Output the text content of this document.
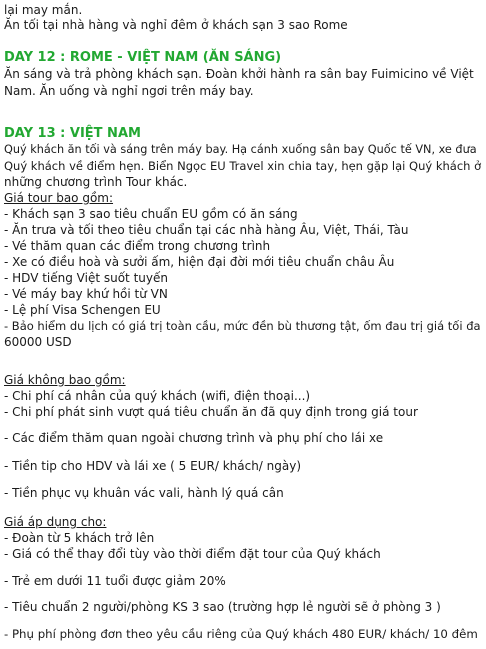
lại may mắn.
Ăn tối tại nhà hàng và nghỉ đêm ở khách sạn 3 sao Rome
DAY 12 : ROME - VIỆT NAM (ĂN SÁNG)
Ăn sáng và trả phòng khách sạn. Đoàn khởi hành ra sân bay Fuimicino về Việt
Nam. Ăn uống và nghỉ ngơi trên máy bay.
DAY 13 : VIỆT NAM
Quý khách ăn tối và sáng trên máy bay. Hạ cánh xuống sân bay Quốc tế VN, xe đưa
Quý khách về điểm hẹn. Biển Ngọc EU Travel xin chia tay, hẹn gặp lại Quý khách ở
những chương trình Tour khác.
Giá tour bao gồm:
- Khách sạn 3 sao tiêu chuẩn EU gồm có ăn sáng
- Ăn trưa và tối theo tiêu chuẩn tại các nhà hàng Âu, Việt, Thái, Tàu
- Vé thăm quan các điểm trong chương trình
- Xe có điều hoà và sưởi ấm, hiện đại đời mới tiêu chuẩn châu Âu
- HDV tiếng Việt suốt tuyến
- Vé máy bay khứ hồi từ VN
- Lệ phí Visa Schengen EU
- Bảo hiểm du lịch có giá trị toàn cầu, mức đền bù thương tật, ốm đau trị giá tối đa
60000 USD
Giá không bao gồm:
- Chi phí cá nhân của quý khách (wifi, điện thoại...)
- Chi phí phát sinh vượt quá tiêu chuẩn ăn đã quy định trong giá tour
- Các điểm thăm quan ngoài chương trình và phụ phí cho lái xe
- Tiền tip cho HDV và lái xe ( 5 EUR/ khách/ ngày)
- Tiền phục vụ khuân vác vali, hành lý quá cân
Giá áp dụng cho:
- Đoàn từ 5 khách trở lên
- Giá có thể thay đổi tùy vào thời điểm đặt tour của Quý khách
- Trẻ em dưới 11 tuổi được giảm 20%
- Tiêu chuẩn 2 người/phòng KS 3 sao (trường hợp lẻ người sẽ ở phòng 3 )
- Phụ phí phòng đơn theo yêu cầu riêng của Quý khách 480 EUR/ khách/ 10 đêm
